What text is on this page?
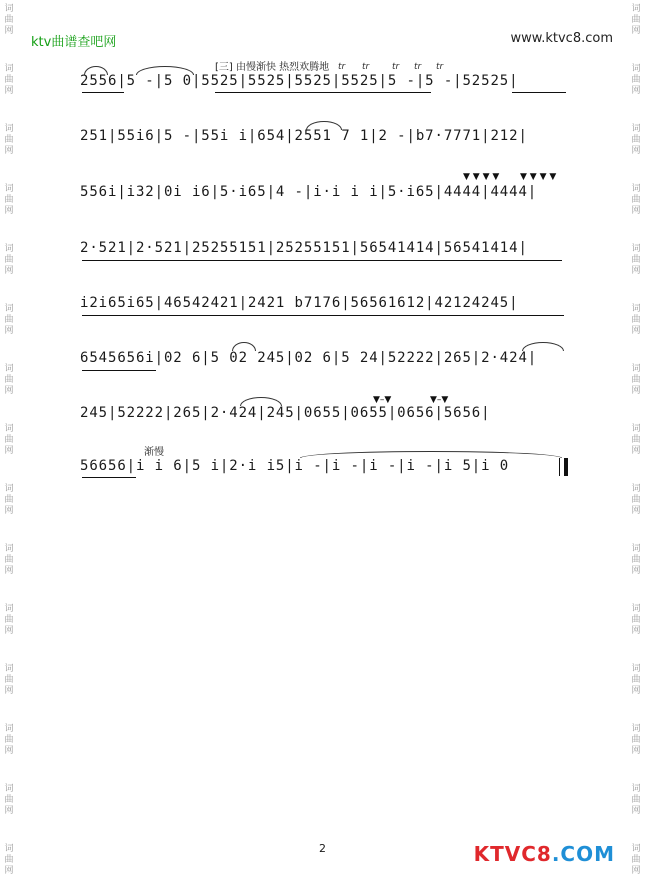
词
曲
网
词
曲
网
词
曲
网
词
曲
网
词
曲
网
词
曲
网
词
曲
网
词
曲
网
词
曲
网
词
曲
网
词
曲
网
词
曲
网
词
曲
网
词
曲
网
词
曲
网
词
曲
网
词
曲
网
词
曲
网
词
曲
网
词
曲
网
词
曲
网
词
曲
网
词
曲
网
词
曲
网
词
曲
网
词
曲
网
词
曲
网
词
曲
网
词
曲
网
词
曲
网
ktv曲谱查吧网	www.ktvc8.com
[三] 由慢渐快 热烈欢腾地 tr tr	tr tr tr
2556|5 -|5 0|5525|5525|5525|5525|5 -|5 -|52525|
251|55i6|5 -|55i i|654|2551 7 1|2 -|b7·7771|212|
556i|i32|0i i6|5·i65|4 -|i·i i i|5·i65|4444|4444|
2·521|2·521|25255151|25255151|56541414|56541414|
i2i65i65|46542421|2421 b7176|56561612|42124245|
6545656i|02 6|5 02 245|02 6|5 24|52222|265|2·424|
245|52222|265|2·424|245|0655|0655|0656|5656|
56656|i i 6|5 i|2·i i5|i -|i -|i -|i -|i 5|i 0
▼ ▼ ▼ ▼ ▼ ▼ ▼ ▼
▼–▼	▼–▼
渐慢
2	KTVC8.COM
